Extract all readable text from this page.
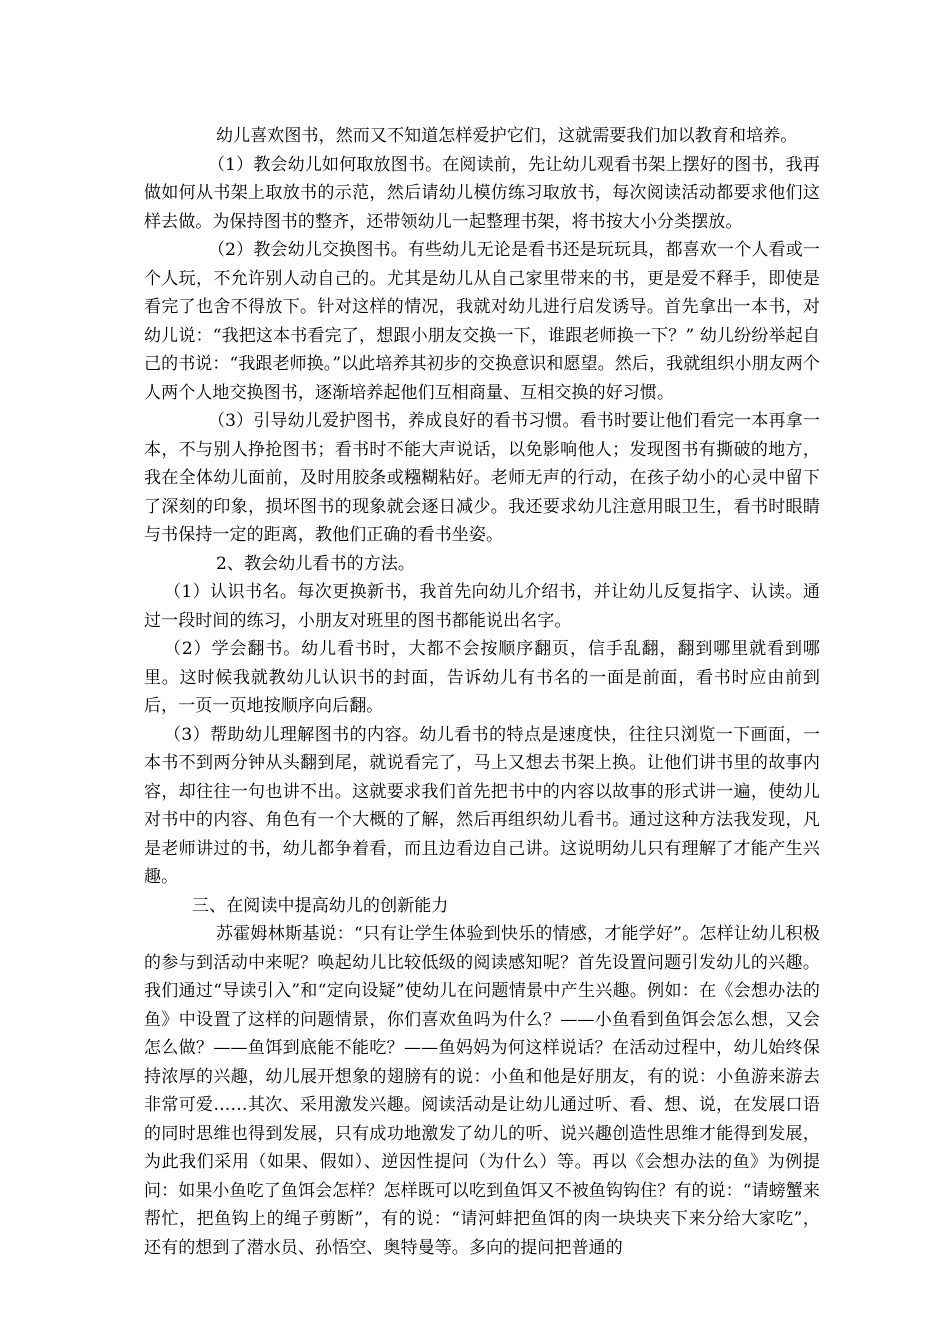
幼儿喜欢图书，然而又不知道怎样爱护它们，这就需要我们加以教育和培养。

（1）教会幼儿如何取放图书。在阅读前，先让幼儿观看书架上摆好的图书，我再做如何从书架上取放书的示范，然后请幼儿模仿练习取放书，每次阅读活动都要求他们这样去做。为保持图书的整齐，还带领幼儿一起整理书架，将书按大小分类摆放。

（2）教会幼儿交换图书。有些幼儿无论是看书还是玩玩具，都喜欢一个人看或一个人玩，不允许别人动自己的。尤其是幼儿从自己家里带来的书，更是爱不释手，即使是看完了也舍不得放下。针对这样的情况，我就对幼儿进行启发诱导。首先拿出一本书，对幼儿说：“我把这本书看完了，想跟小朋友交换一下，谁跟老师换一下？” 幼儿纷纷举起自己的书说：“我跟老师换。”以此培养其初步的交换意识和愿望。然后，我就组织小朋友两个人两个人地交换图书，逐渐培养起他们互相商量、互相交换的好习惯。

（3）引导幼儿爱护图书，养成良好的看书习惯。看书时要让他们看完一本再拿一本，不与别人挣抢图书；看书时不能大声说话，以免影响他人；发现图书有撕破的地方，我在全体幼儿面前，及时用胶条或糨糊粘好。老师无声的行动，在孩子幼小的心灵中留下了深刻的印象，损坏图书的现象就会逐日减少。我还要求幼儿注意用眼卫生，看书时眼睛与书保持一定的距离，教他们正确的看书坐姿。

2、教会幼儿看书的方法。

（1）认识书名。每次更换新书，我首先向幼儿介绍书，并让幼儿反复指字、认读。通过一段时间的练习，小朋友对班里的图书都能说出名字。

（2）学会翻书。幼儿看书时，大都不会按顺序翻页，信手乱翻，翻到哪里就看到哪里。这时候我就教幼儿认识书的封面，告诉幼儿有书名的一面是前面，看书时应由前到后，一页一页地按顺序向后翻。

（3）帮助幼儿理解图书的内容。幼儿看书的特点是速度快，往往只浏览一下画面，一本书不到两分钟从头翻到尾，就说看完了，马上又想去书架上换。让他们讲书里的故事内容，却往往一句也讲不出。这就要求我们首先把书中的内容以故事的形式讲一遍，使幼儿对书中的内容、角色有一个大概的了解，然后再组织幼儿看书。通过这种方法我发现，凡是老师讲过的书，幼儿都争着看，而且边看边自己讲。这说明幼儿只有理解了才能产生兴趣。

三、在阅读中提高幼儿的创新能力

苏霍姆林斯基说：“只有让学生体验到快乐的情感，才能学好”。怎样让幼儿积极的参与到活动中来呢？唤起幼儿比较低级的阅读感知呢？首先设置问题引发幼儿的兴趣。我们通过“导读引入”和“定向设疑”使幼儿在问题情景中产生兴趣。例如：在《会想办法的鱼》中设置了这样的问题情景，你们喜欢鱼吗为什么？——小鱼看到鱼饵会怎么想，又会怎么做？——鱼饵到底能不能吃？——鱼妈妈为何这样说话？在活动过程中，幼儿始终保持浓厚的兴趣，幼儿展开想象的翅膀有的说：小鱼和他是好朋友，有的说：小鱼游来游去非常可爱……其次、采用激发兴趣。阅读活动是让幼儿通过听、看、想、说，在发展口语的同时思维也得到发展，只有成功地激发了幼儿的听、说兴趣创造性思维才能得到发展，为此我们采用（如果、假如）、逆因性提问（为什么）等。再以《会想办法的鱼》为例提问：如果小鱼吃了鱼饵会怎样？怎样既可以吃到鱼饵又不被鱼钩钩住？有的说：“请螃蟹来帮忙，把鱼钩上的绳子剪断”，有的说：“请河蚌把鱼饵的肉一块块夹下来分给大家吃”，还有的想到了潜水员、孙悟空、奥特曼等。多向的提问把普通的
